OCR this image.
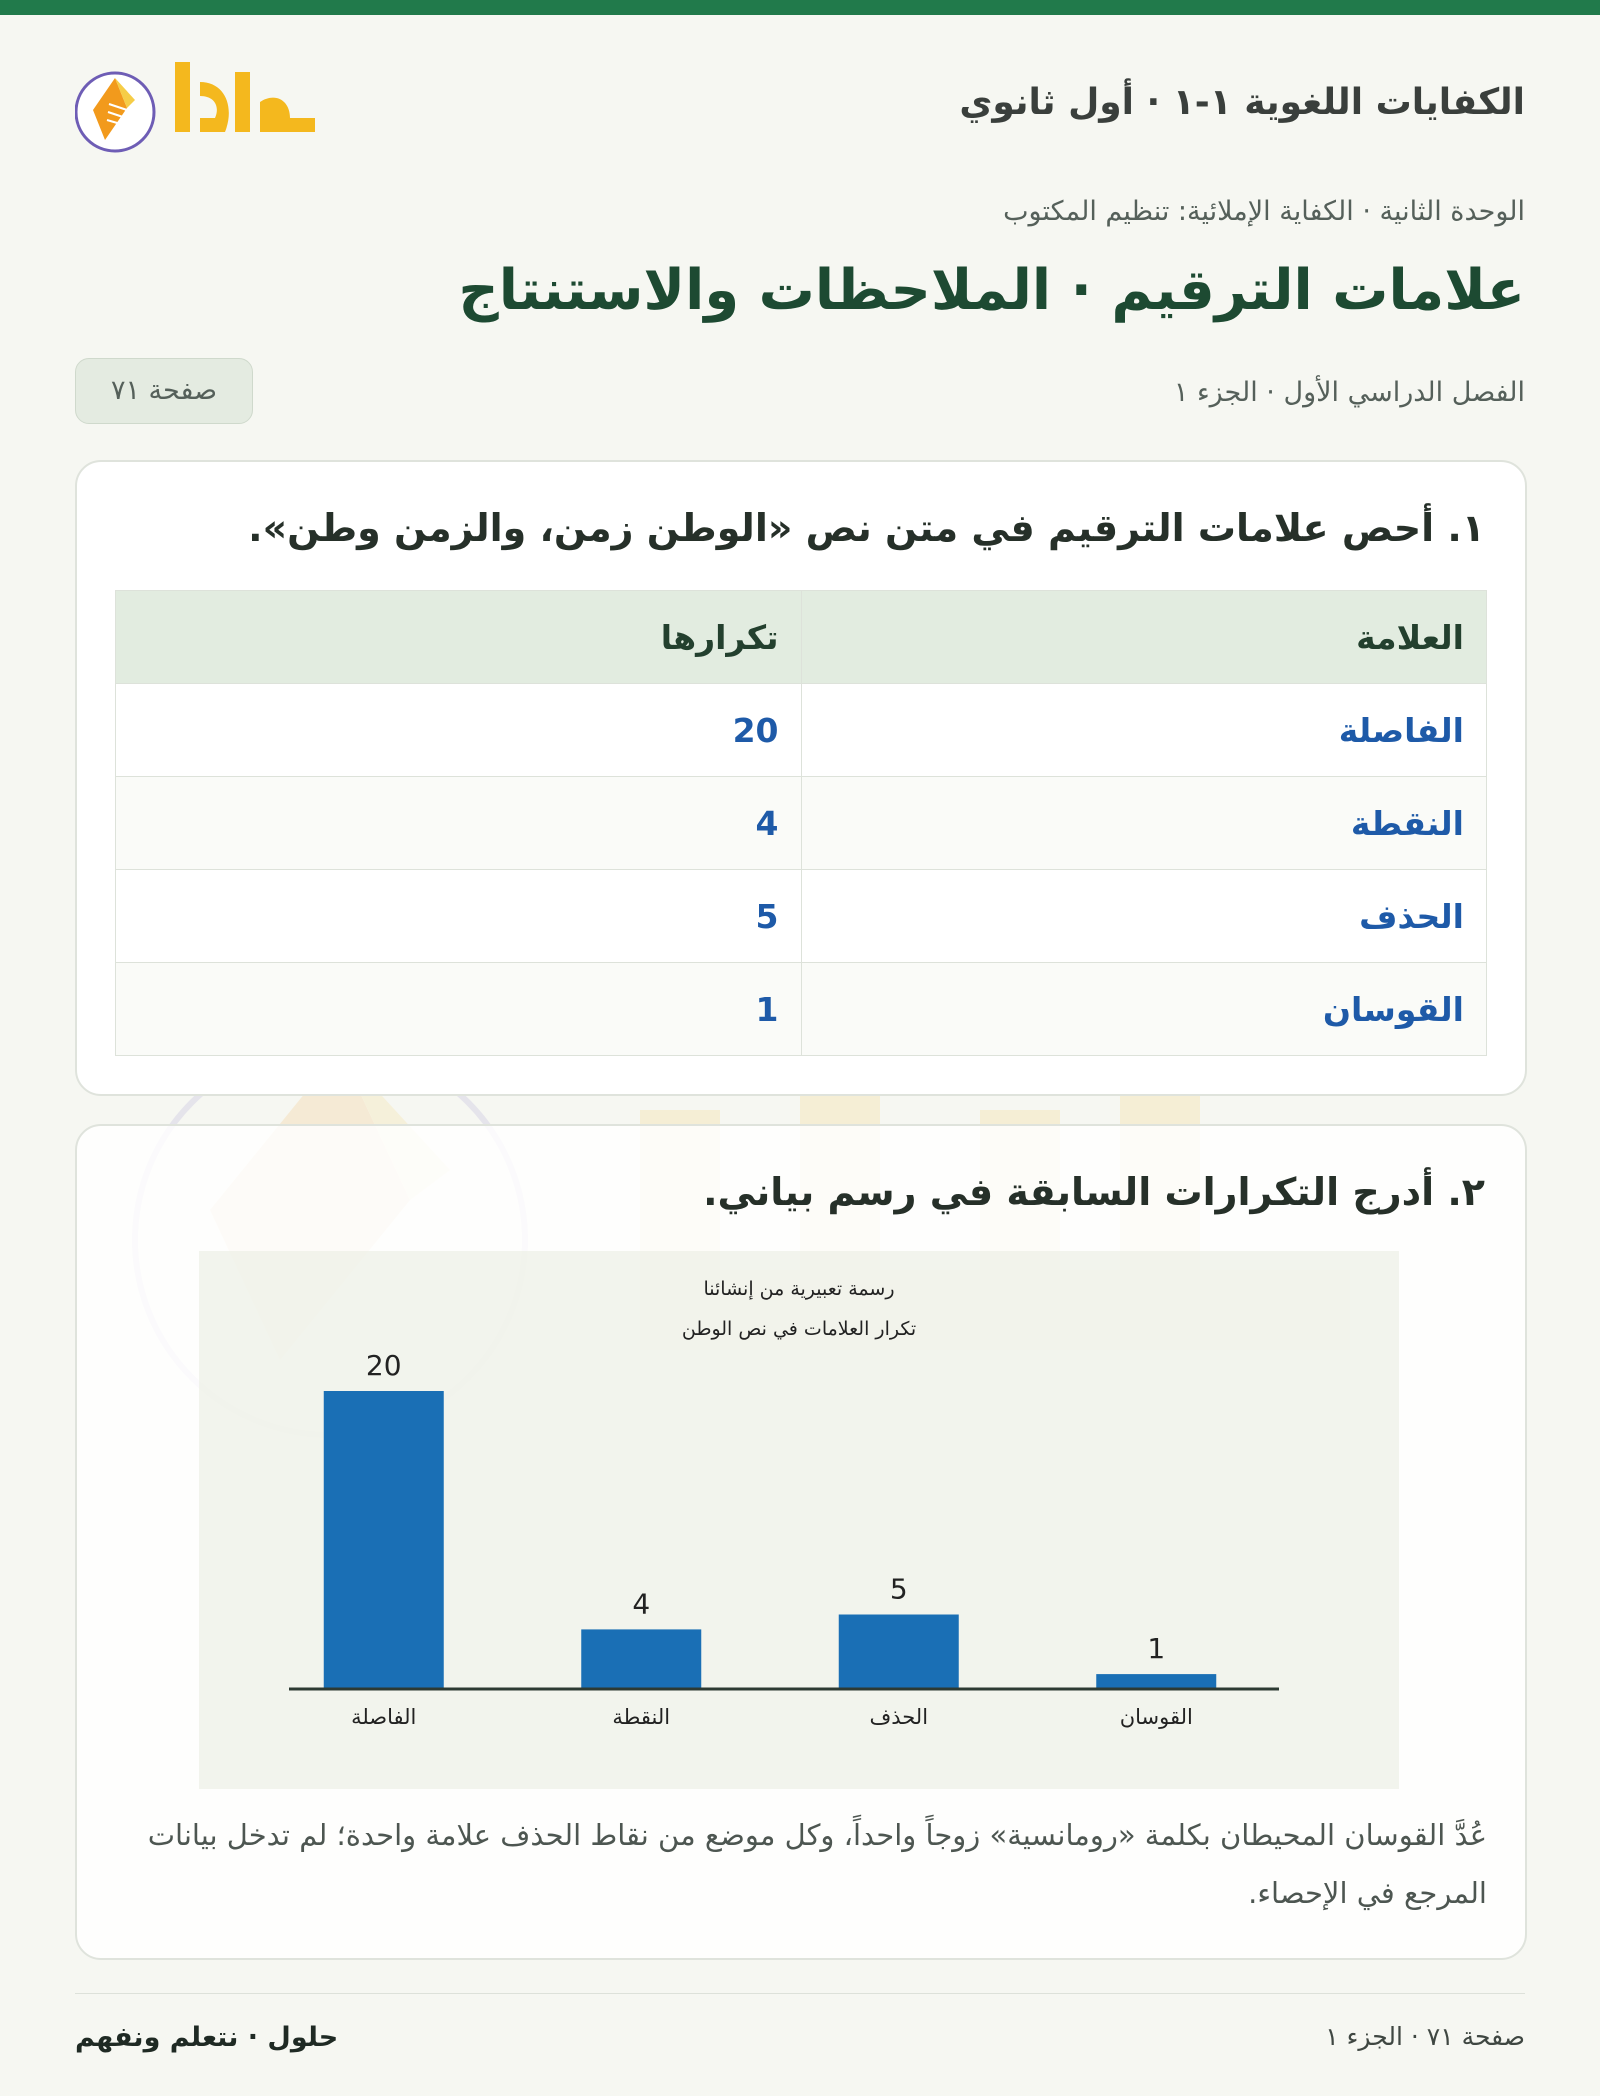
الكفايات اللغوية ١-١ · أول ثانوي
حلول
الوحدة الثانية · الكفاية الإملائية: تنظيم المكتوب
علامات الترقيم · الملاحظات والاستنتاج
الفصل الدراسي الأول · الجزء ١
صفحة ٧١
١. أحص علامات الترقيم في متن نص «الوطن زمن، والزمن وطن».
العلامة	تكرارها
الفاصلة	20
النقطة	4
الحذف	5
القوسان	1
٢. أدرج التكرارات السابقة في رسم بياني.
رسمة تعبيرية من إنشائنا
تكرار العلامات في نص الوطن
20
الفاصلة
4
النقطة
5
الحذف
1
القوسان
عُدَّ القوسان المحيطان بكلمة «رومانسية» زوجاً واحداً، وكل موضع من نقاط الحذف علامة واحدة؛ لم تدخل بيانات المرجع في الإحصاء.
صفحة ٧١ · الجزء ١
حلول · نتعلم ونفهم
